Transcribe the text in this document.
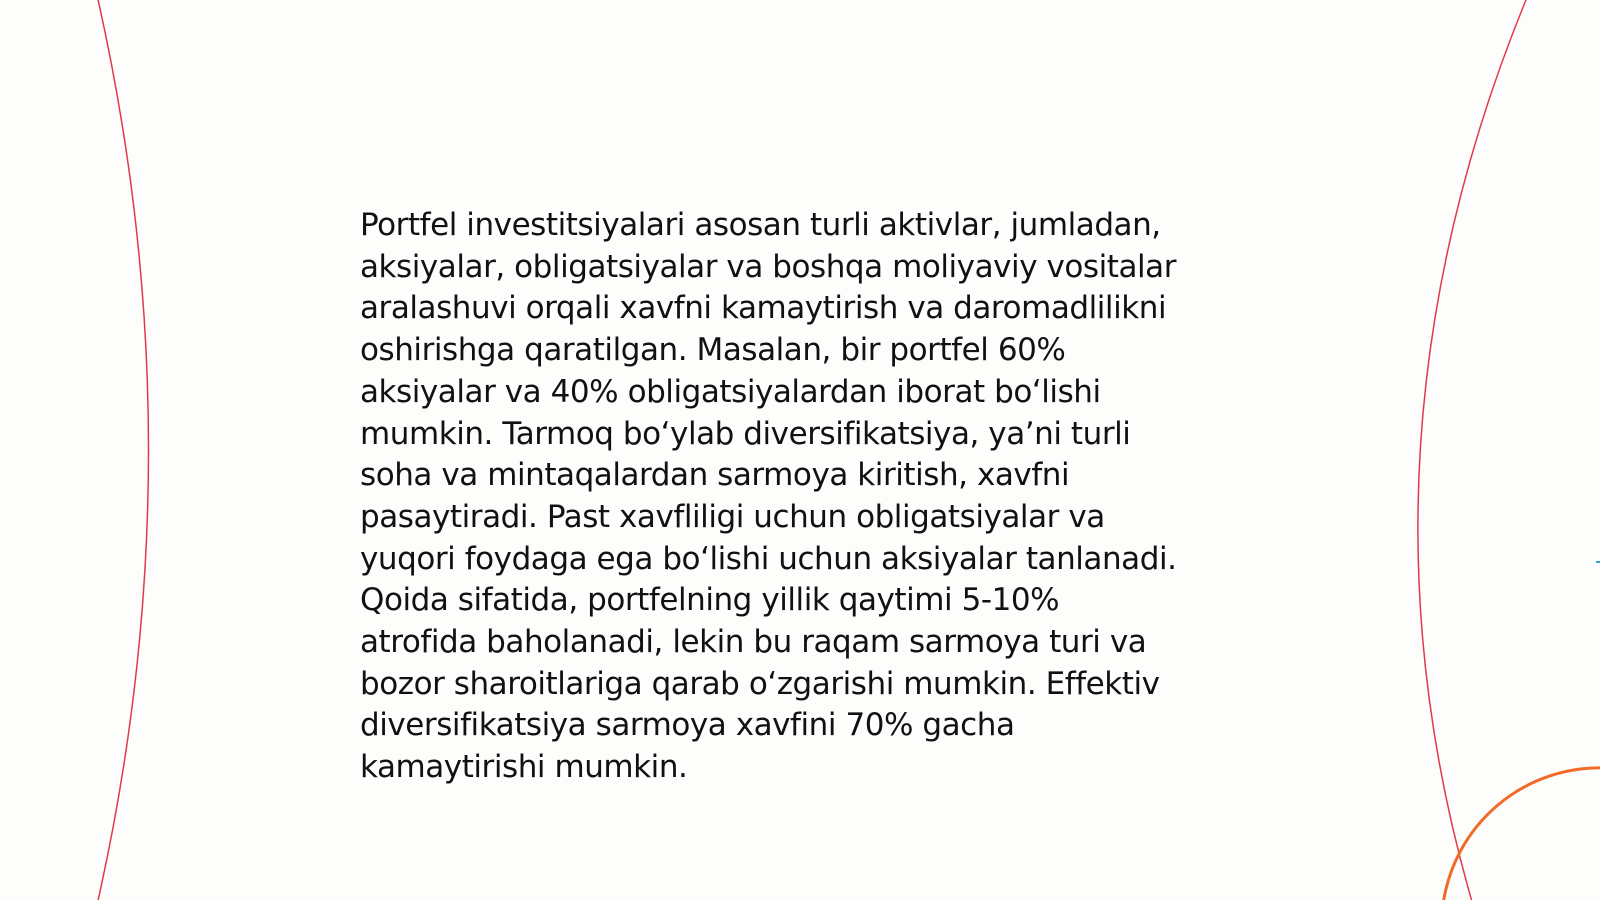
Portfel investitsiyalari asosan turli aktivlar, jumladan,
aksiyalar, obligatsiyalar va boshqa moliyaviy vositalar
aralashuvi orqali xavfni kamaytirish va daromadlilikni
oshirishga qaratilgan. Masalan, bir portfel 60%
aksiyalar va 40% obligatsiyalardan iborat bo‘lishi
mumkin. Tarmoq bo‘ylab diversifikatsiya, ya’ni turli
soha va mintaqalardan sarmoya kiritish, xavfni
pasaytiradi. Past xavfliligi uchun obligatsiyalar va
yuqori foydaga ega bo‘lishi uchun aksiyalar tanlanadi.
Qoida sifatida, portfelning yillik qaytimi 5-10%
atrofida baholanadi, lekin bu raqam sarmoya turi va
bozor sharoitlariga qarab o‘zgarishi mumkin. Effektiv
diversifikatsiya sarmoya xavfini 70% gacha
kamaytirishi mumkin.
